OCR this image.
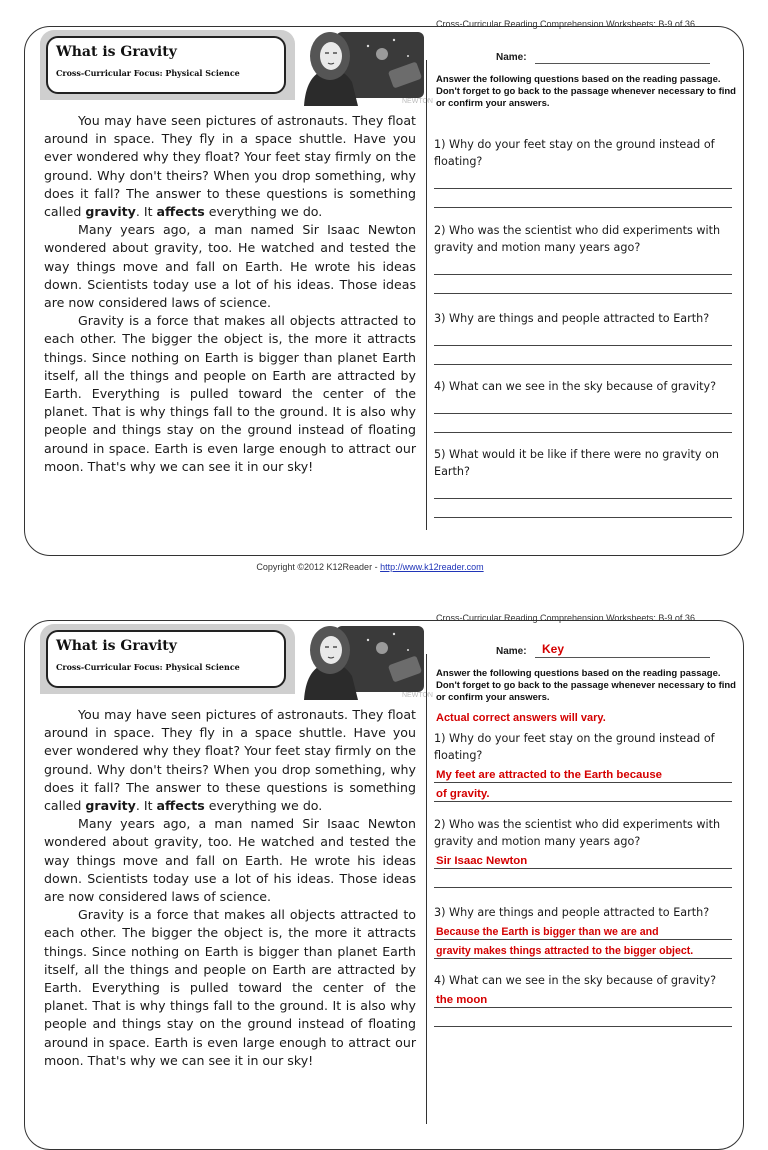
Cross-Curricular Reading Comprehension Worksheets: B-9 of 36
What is Gravity
Cross-Curricular Focus: Physical Science
NEWTON
Name:
Answer the following questions based on the reading passage. Don't forget to go back to the passage whenever necessary to find or confirm your answers.

You may have seen pictures of astronauts. They float around in space. They fly in a space shuttle. Have you ever wondered why they float? Your feet stay firmly on the ground. Why don't theirs? When you drop something, why does it fall? The answer to these questions is something called gravity. It affects everything we do.

Many years ago, a man named Sir Isaac Newton wondered about gravity, too. He watched and tested the way things move and fall on Earth. He wrote his ideas down. Scientists today use a lot of his ideas. Those ideas are now considered laws of science.

Gravity is a force that makes all objects attracted to each other. The bigger the object is, the more it attracts things. Since nothing on Earth is bigger than planet Earth itself, all the things and people on Earth are attracted by Earth. Everything is pulled toward the center of the planet. That is why things fall to the ground. It is also why people and things stay on the ground instead of floating around in space. Earth is even large enough to attract our moon. That's why we can see it in our sky!

1) Why do your feet stay on the ground instead of floating?
2) Who was the scientist who did experiments with gravity and motion many years ago?
3) Why are things and people attracted to Earth?
4) What can we see in the sky because of gravity?
5) What would it be like if there were no gravity on Earth?
Copyright ©2012 K12Reader - http://www.k12reader.com
Cross-Curricular Reading Comprehension Worksheets: B-9 of 36
What is Gravity
Cross-Curricular Focus: Physical Science
NEWTON
Name: Key
Answer the following questions based on the reading passage. Don't forget to go back to the passage whenever necessary to find or confirm your answers.
Actual correct answers will vary.

You may have seen pictures of astronauts. They float around in space. They fly in a space shuttle. Have you ever wondered why they float? Your feet stay firmly on the ground. Why don't theirs? When you drop something, why does it fall? The answer to these questions is something called gravity. It affects everything we do.

Many years ago, a man named Sir Isaac Newton wondered about gravity, too. He watched and tested the way things move and fall on Earth. He wrote his ideas down. Scientists today use a lot of his ideas. Those ideas are now considered laws of science.

Gravity is a force that makes all objects attracted to each other. The bigger the object is, the more it attracts things. Since nothing on Earth is bigger than planet Earth itself, all the things and people on Earth are attracted by Earth. Everything is pulled toward the center of the planet. That is why things fall to the ground. It is also why people and things stay on the ground instead of floating around in space. Earth is even large enough to attract our moon. That's why we can see it in our sky!

1) Why do your feet stay on the ground instead of floating?
My feet are attracted to the Earth because
of gravity.
2) Who was the scientist who did experiments with gravity and motion many years ago?
Sir Isaac Newton
3) Why are things and people attracted to Earth?
Because the Earth is bigger than we are and
gravity makes things attracted to the bigger object.
4) What can we see in the sky because of gravity?
the moon
